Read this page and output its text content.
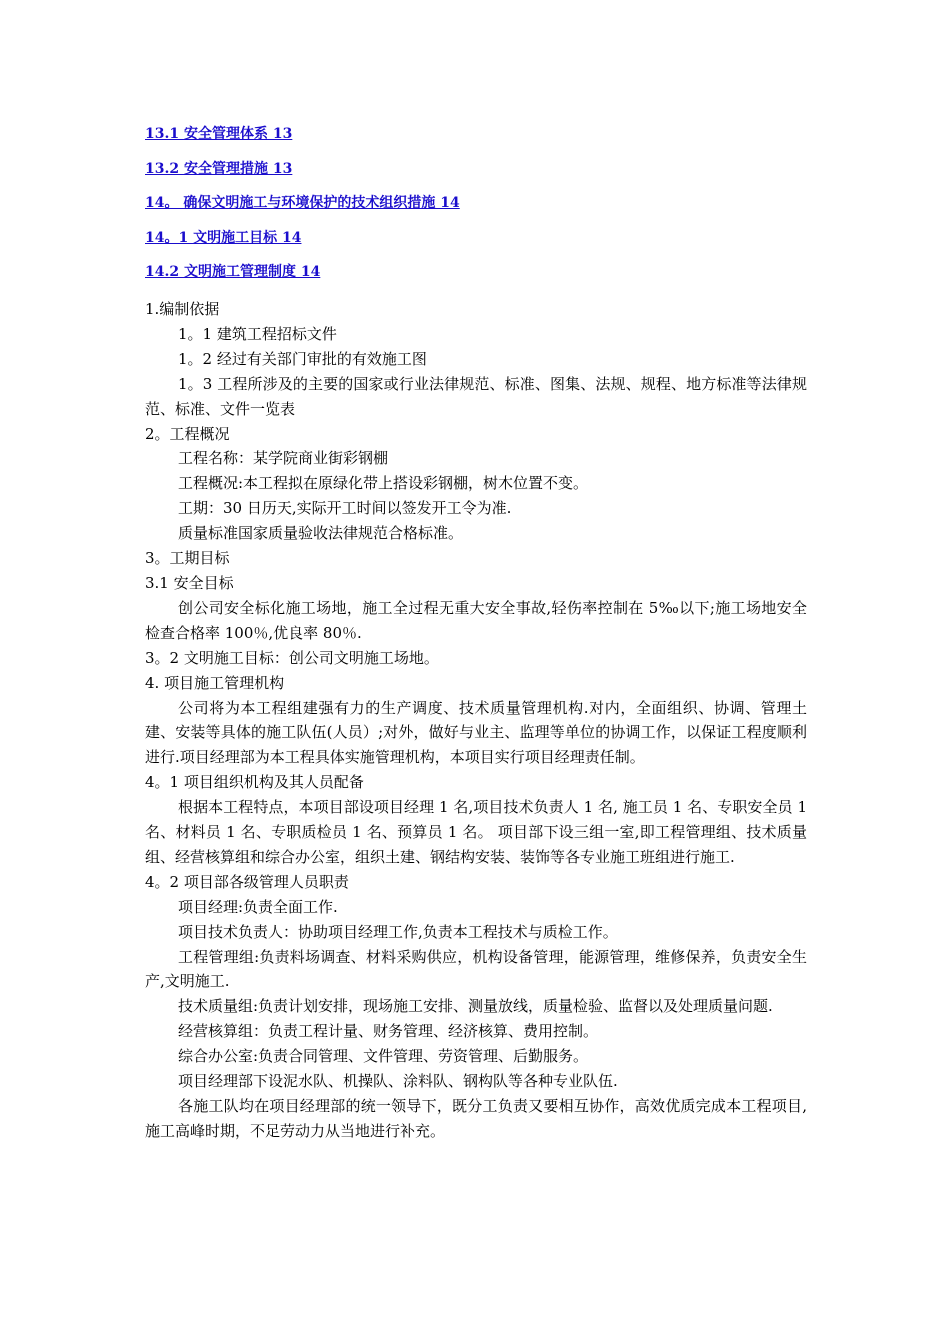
13.1 安全管理体系 13
13.2 安全管理措施 13
14。 确保文明施工与环境保护的技术组织措施 14
14。1 文明施工目标 14
14.2 文明施工管理制度 14
1.编制依据
1。1 建筑工程招标文件
1。2 经过有关部门审批的有效施工图
1。3 工程所涉及的主要的国家或行业法律规范、标准、图集、法规、规程、地方标准等法律规范、标准、文件一览表
2。工程概况
工程名称：某学院商业街彩钢棚
工程概况:本工程拟在原绿化带上搭设彩钢棚，树木位置不变。
工期：30 日历天,实际开工时间以签发开工令为准.
质量标准国家质量验收法律规范合格标准。
3。工期目标
3.1 安全目标
创公司安全标化施工场地，施工全过程无重大安全事故,轻伤率控制在 5‰以下;施工场地安全检查合格率 100％,优良率 80％.
3。2 文明施工目标：创公司文明施工场地。
4. 项目施工管理机构
公司将为本工程组建强有力的生产调度、技术质量管理机构.对内，全面组织、协调、管理土建、安装等具体的施工队伍(人员）;对外，做好与业主、监理等单位的协调工作，以保证工程度顺利进行.项目经理部为本工程具体实施管理机构，本项目实行项目经理责任制。
4。1 项目组织机构及其人员配备
根据本工程特点，本项目部设项目经理 1 名,项目技术负责人 1 名, 施工员 1 名、专职安全员 1 名、材料员 1 名、专职质检员 1 名、预算员 1 名。 项目部下设三组一室,即工程管理组、技术质量组、经营核算组和综合办公室，组织土建、钢结构安装、装饰等各专业施工班组进行施工.
4。2 项目部各级管理人员职责
项目经理:负责全面工作.
项目技术负责人：协助项目经理工作,负责本工程技术与质检工作。
工程管理组:负责料场调查、材料采购供应，机构设备管理，能源管理，维修保养，负责安全生产,文明施工.
技术质量组:负责计划安排，现场施工安排、测量放线，质量检验、监督以及处理质量问题.
经营核算组：负责工程计量、财务管理、经济核算、费用控制。
综合办公室:负责合同管理、文件管理、劳资管理、后勤服务。
项目经理部下设泥水队、机操队、涂料队、钢构队等各种专业队伍.
各施工队均在项目经理部的统一领导下，既分工负责又要相互协作，高效优质完成本工程项目,施工高峰时期，不足劳动力从当地进行补充。
